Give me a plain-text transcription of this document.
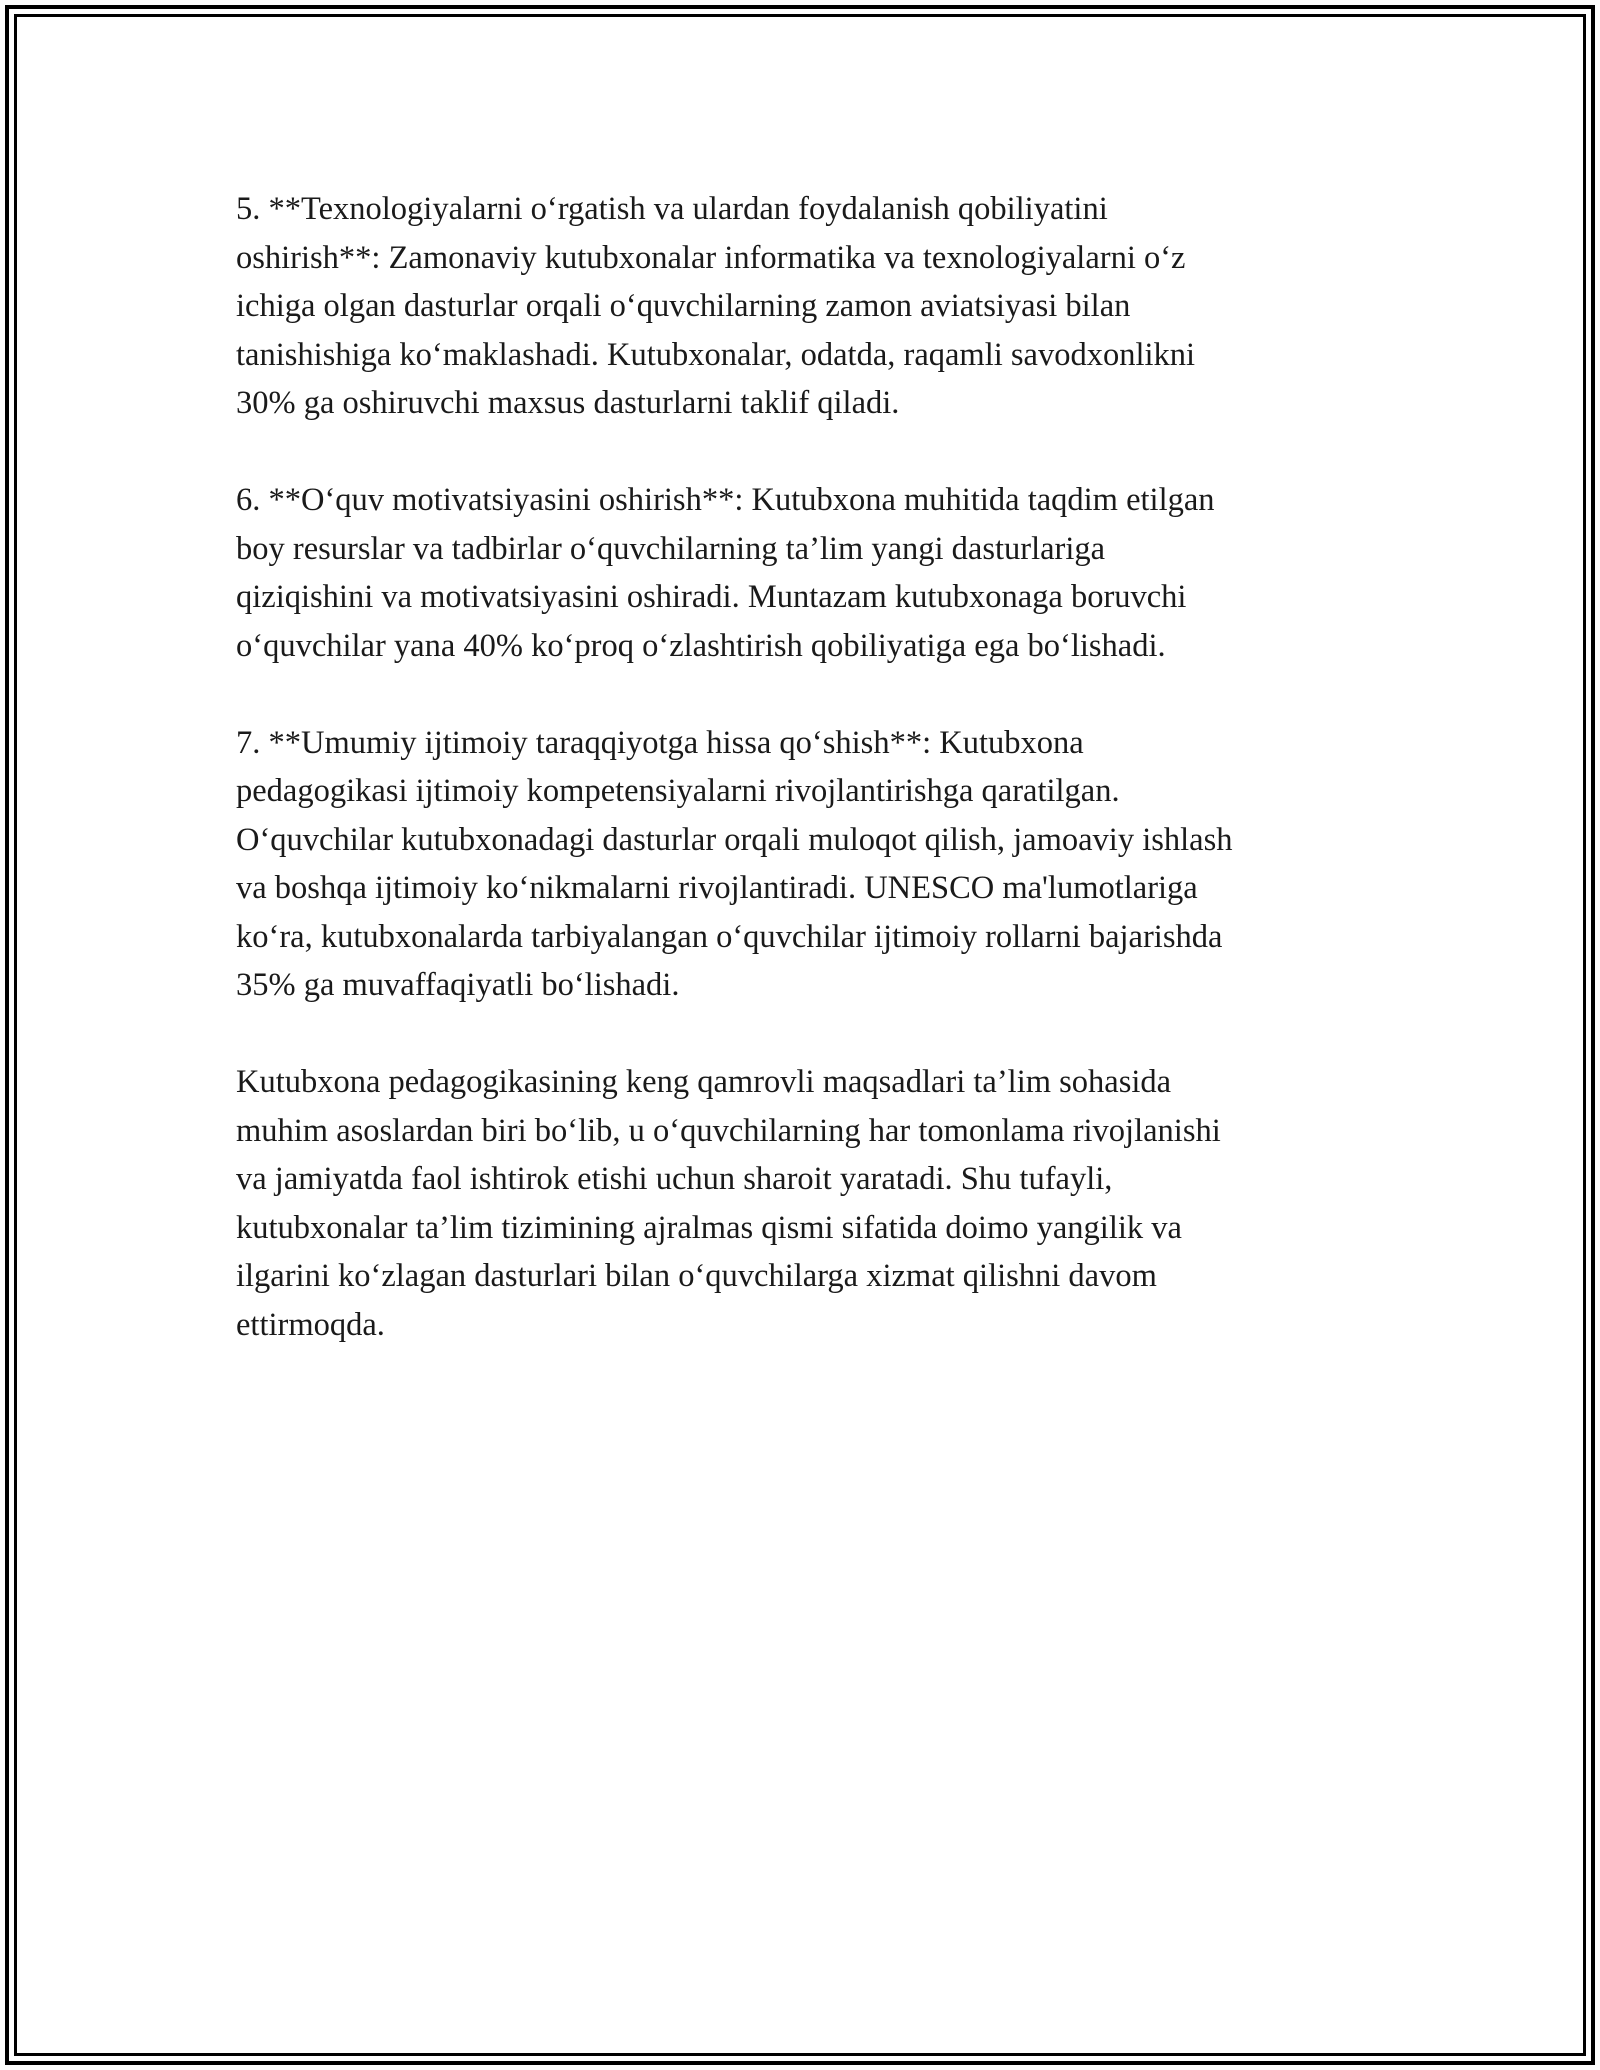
5. **Texnologiyalarni o‘rgatish va ulardan foydalanish qobiliyatini
oshirish**: Zamonaviy kutubxonalar informatika va texnologiyalarni o‘z
ichiga olgan dasturlar orqali o‘quvchilarning zamon aviatsiyasi bilan
tanishishiga ko‘maklashadi. Kutubxonalar, odatda, raqamli savodxonlikni
30% ga oshiruvchi maxsus dasturlarni taklif qiladi.

6. **O‘quv motivatsiyasini oshirish**: Kutubxona muhitida taqdim etilgan
boy resurslar va tadbirlar o‘quvchilarning ta’lim yangi dasturlariga
qiziqishini va motivatsiyasini oshiradi. Muntazam kutubxonaga boruvchi
o‘quvchilar yana 40% ko‘proq o‘zlashtirish qobiliyatiga ega bo‘lishadi.

7. **Umumiy ijtimoiy taraqqiyotga hissa qo‘shish**: Kutubxona
pedagogikasi ijtimoiy kompetensiyalarni rivojlantirishga qaratilgan.
O‘quvchilar kutubxonadagi dasturlar orqali muloqot qilish, jamoaviy ishlash
va boshqa ijtimoiy ko‘nikmalarni rivojlantiradi. UNESCO ma'lumotlariga
ko‘ra, kutubxonalarda tarbiyalangan o‘quvchilar ijtimoiy rollarni bajarishda
35% ga muvaffaqiyatli bo‘lishadi.

Kutubxona pedagogikasining keng qamrovli maqsadlari ta’lim sohasida
muhim asoslardan biri bo‘lib, u o‘quvchilarning har tomonlama rivojlanishi
va jamiyatda faol ishtirok etishi uchun sharoit yaratadi. Shu tufayli,
kutubxonalar ta’lim tizimining ajralmas qismi sifatida doimo yangilik va
ilgarini ko‘zlagan dasturlari bilan o‘quvchilarga xizmat qilishni davom
ettirmoqda.
